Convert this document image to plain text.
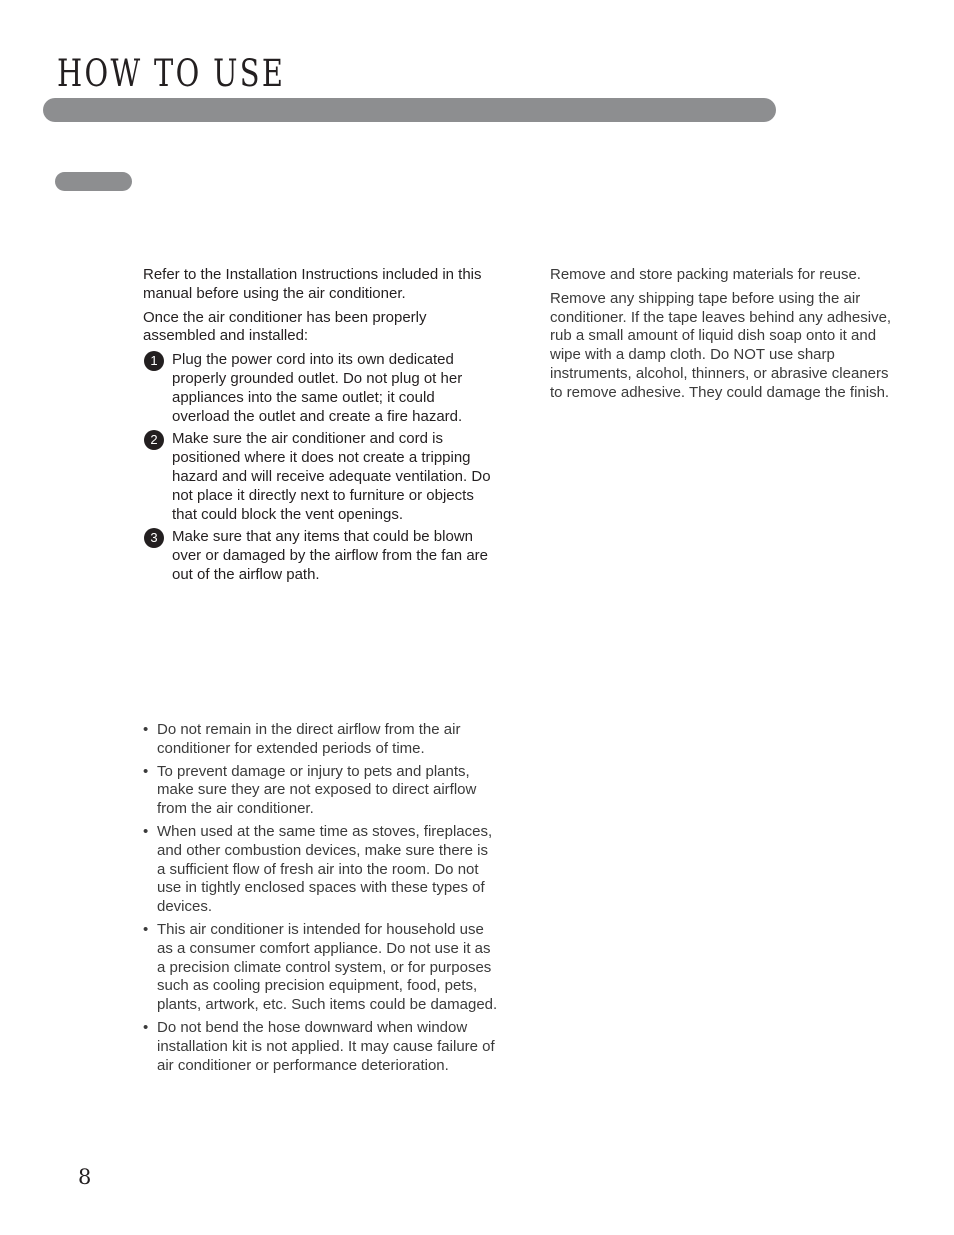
HOW TO USE

Refer to the Installation Instructions included in this manual before using the air conditioner.

Once the air conditioner has been properly assembled and installed:

1 Plug the power cord into its own dedicated properly grounded outlet. Do not plug ot her appliances into the same outlet; it could overload the outlet and create a fire hazard.
2 Make sure the air conditioner and cord is positioned where it does not create a tripping hazard and will receive adequate ventilation. Do not place it directly next to furniture or objects that could block the vent openings.
3 Make sure that any items that could be blown over or damaged by the airflow from the fan are out of the airflow path.

Remove and store packing materials for reuse.

Remove any shipping tape before using the air conditioner. If the tape leaves behind any adhesive, rub a small amount of liquid dish soap onto it and wipe with a damp cloth. Do NOT use sharp instruments, alcohol, thinners, or abrasive cleaners to remove adhesive. They could damage the finish.

• Do not remain in the direct airflow from the air conditioner for extended periods of time.
• To prevent damage or injury to pets and plants, make sure they are not exposed to direct airflow from the air conditioner.
• When used at the same time as stoves, fireplaces, and other combustion devices, make sure there is a sufficient flow of fresh air into the room. Do not use in tightly enclosed spaces with these types of devices.
• This air conditioner is intended for household use as a consumer comfort appliance. Do not use it as a precision climate control system, or for purposes such as cooling precision equipment, food, pets, plants, artwork, etc. Such items could be damaged.
• Do not bend the hose downward when window installation kit is not applied. It may cause failure of air conditioner or performance deterioration.
8
